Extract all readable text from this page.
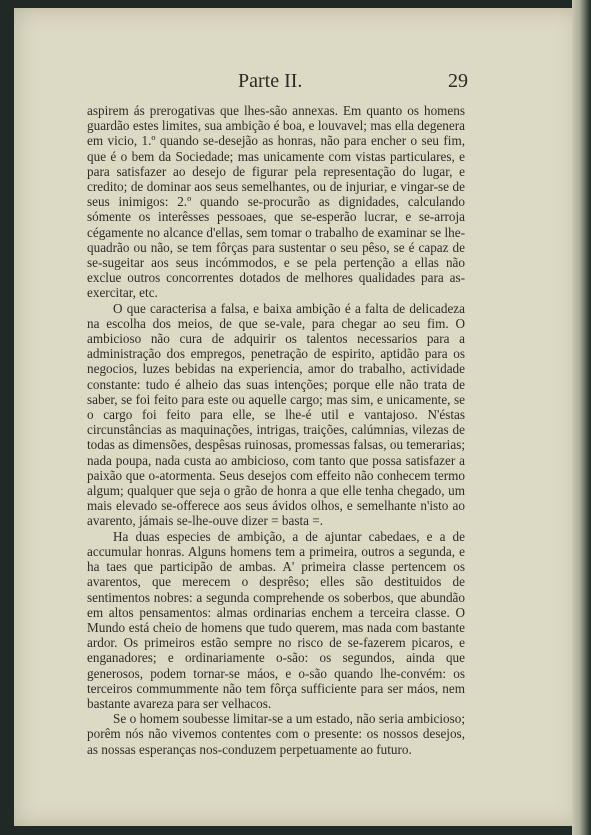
Parte II.	29

aspirem ás prerogativas que lhes-são annexas. Em quanto os homens guardão estes limites, sua ambição é boa, e louvavel; mas ella degenera em vicio, 1.º quando se-desejão as honras, não para encher o seu fim, que é o bem da Sociedade; mas unicamente com vistas particulares, e para satisfazer ao desejo de figurar pela representação do lugar, e credito; de dominar aos seus semelhantes, ou de injuriar, e vingar-se de seus inimigos: 2.º quando se-procurão as dignidades, calculando sómente os interêsses pessoaes, que se-esperão lucrar, e se-arroja cégamente no alcance d'ellas, sem tomar o trabalho de examinar se lhe-quadrão ou não, se tem fôrças para sustentar o seu pêso, se é capaz de se-sugeitar aos seus incómmodos, e se pela pertenção a ellas não exclue outros concorrentes dotados de melhores qualidades para as-exercitar, etc.

O que caracterisa a falsa, e baixa ambição é a falta de delicadeza na escolha dos meios, de que se-vale, para chegar ao seu fim. O ambicioso não cura de adquirir os talentos necessarios para a administração dos empregos, penetração de espirito, aptidão para os negocios, luzes bebidas na experiencia, amor do trabalho, actividade constante: tudo é alheio das suas intenções; porque elle não trata de saber, se foi feito para este ou aquelle cargo; mas sim, e unicamente, se o cargo foi feito para elle, se lhe-é util e vantajoso. N'éstas circunstâncias as maquinações, intrigas, traições, calúmnias, vilezas de todas as dimensões, despêsas ruinosas, promessas falsas, ou temerarias; nada poupa, nada custa ao ambicioso, com tanto que possa satisfazer a paixão que o-atormenta. Seus desejos com effeito não conhecem termo algum; qualquer que seja o grão de honra a que elle tenha chegado, um mais elevado se-offerece aos seus ávidos olhos, e semelhante n'isto ao avarento, jámais se-lhe-ouve dizer = basta =.

Ha duas especies de ambição, a de ajuntar cabedaes, e a de accumular honras. Alguns homens tem a primeira, outros a segunda, e ha taes que participão de ambas. A' primeira classe pertencem os avarentos, que merecem o desprêso; elles são destituidos de sentimentos nobres: a segunda comprehende os soberbos, que abundão em altos pensamentos: almas ordinarias enchem a terceira classe. O Mundo está cheio de homens que tudo querem, mas nada com bastante ardor. Os primeiros estão sempre no risco de se-fazerem picaros, e enganadores; e ordinariamente o-são: os segundos, ainda que generosos, podem tornar-se máos, e o-são quando lhe-convém: os terceiros commummente não tem fôrça sufficiente para ser máos, nem bastante avareza para ser velhacos.

Se o homem soubesse limitar-se a um estado, não seria ambicioso; porêm nós não vivemos contentes com o presente: os nossos desejos, as nossas esperanças nos-conduzem perpetuamente ao futuro.
